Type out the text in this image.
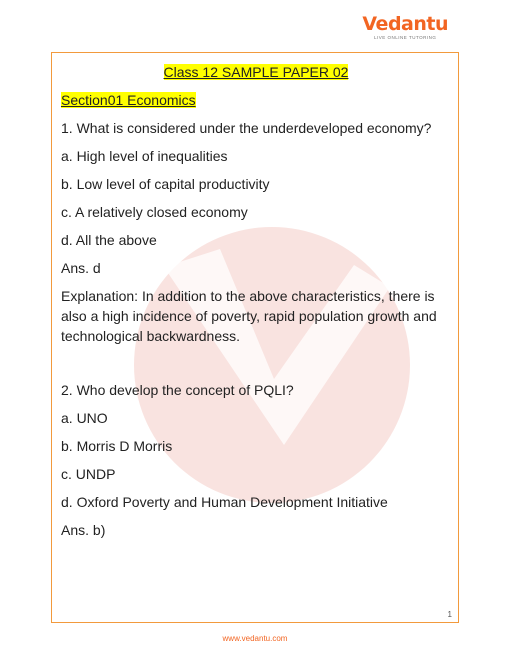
Vedantu
LIVE ONLINE TUTORING
Class 12 SAMPLE PAPER 02
Section01 Economics
1. What is considered under the underdeveloped economy?
a. High level of inequalities
b. Low level of capital productivity
c. A relatively closed economy
d. All the above
Ans. d
Explanation: In addition to the above characteristics, there is also a high incidence of poverty, rapid population growth and technological backwardness.
2. Who develop the concept of PQLI?
a. UNO
b. Morris D Morris
c. UNDP
d. Oxford Poverty and Human Development Initiative
Ans. b)
1
www.vedantu.com
